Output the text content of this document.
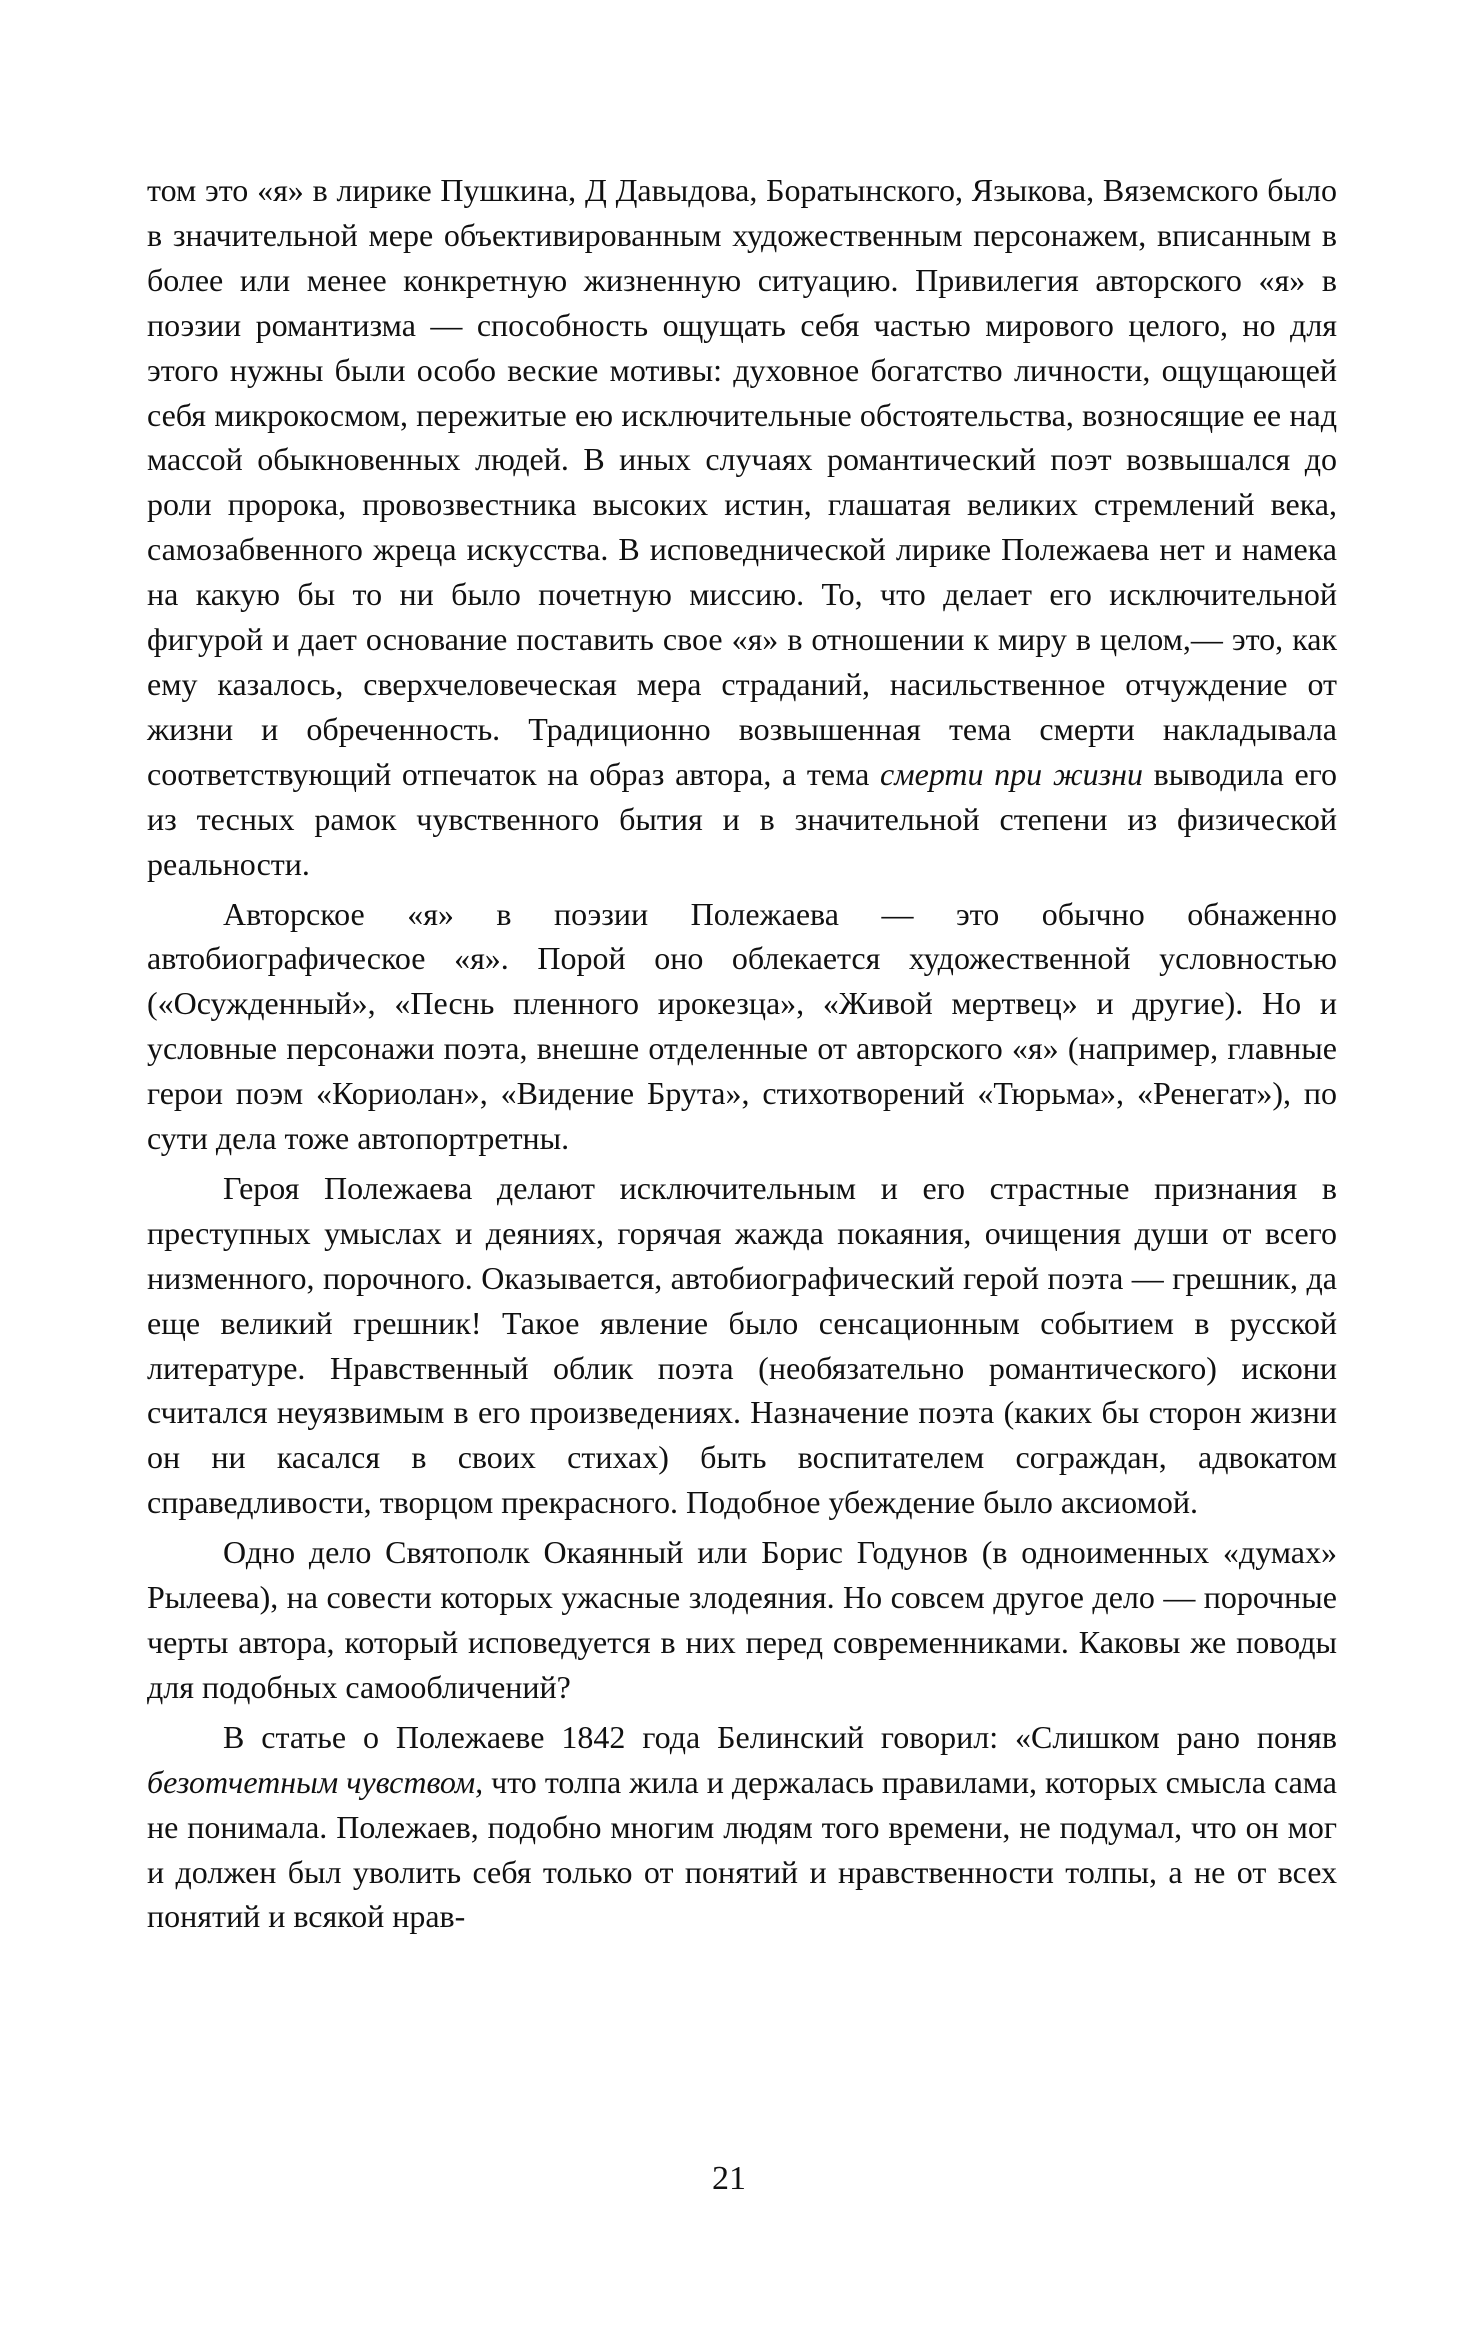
том это «я» в лирике Пушкина, Д Давыдова, Боратынского, Языкова, Вяземского было в значительной мере объективированным художественным персонажем, вписанным в более или менее конкретную жизненную ситуацию. Привилегия авторского «я» в поэзии романтизма — способность ощущать себя частью мирового целого, но для этого нужны были особо веские мотивы: духовное богатство личности, ощущающей себя микрокосмом, пережитые ею исключительные обстоятельства, возносящие ее над массой обыкновенных людей. В иных случаях романтический поэт возвышался до роли пророка, провозвестника высоких истин, глашатая великих стремлений века, самозабвенного жреца искусства. В исповеднической лирике Полежаева нет и намека на какую бы то ни было почетную миссию. То, что делает его исключительной фигурой и дает основание поставить свое «я» в отношении к миру в целом,— это, как ему казалось, сверхчеловеческая мера страданий, насильственное отчуждение от жизни и обреченность. Традиционно возвышенная тема смерти накладывала соответствующий отпечаток на образ автора, а тема смерти при жизни выводила его из тесных рамок чувственного бытия и в значительной степени из физической реальности.

Авторское «я» в поэзии Полежаева — это обычно обнаженно автобиографическое «я». Порой оно облекается художественной условностью («Осужденный», «Песнь пленного ирокезца», «Живой мертвец» и другие). Но и условные персонажи поэта, внешне отделенные от авторского «я» (например, главные герои поэм «Кориолан», «Видение Брута», стихотворений «Тюрьма», «Ренегат»), по сути дела тоже автопортретны.

Героя Полежаева делают исключительным и его страстные признания в преступных умыслах и деяниях, горячая жажда покаяния, очищения души от всего низменного, порочного. Оказывается, автобиографический герой поэта — грешник, да еще великий грешник! Такое явление было сенсационным событием в русской литературе. Нравственный облик поэта (необязательно романтического) искони считался неуязвимым в его произведениях. Назначение поэта (каких бы сторон жизни он ни касался в своих стихах) быть воспитателем сограждан, адвокатом справедливости, творцом прекрасного. Подобное убеждение было аксиомой.

Одно дело Святополк Окаянный или Борис Годунов (в одноименных «думах» Рылеева), на совести которых ужасные злодеяния. Но совсем другое дело — порочные черты автора, который исповедуется в них перед современниками. Каковы же поводы для подобных самообличений?

В статье о Полежаеве 1842 года Белинский говорил: «Слишком рано поняв безотчетным чувством, что толпа жила и держалась правилами, которых смысла сама не понимала. Полежаев, подобно многим людям того времени, не подумал, что он мог и должен был уволить себя только от понятий и нравственности толпы, а не от всех понятий и всякой нрав-

21
